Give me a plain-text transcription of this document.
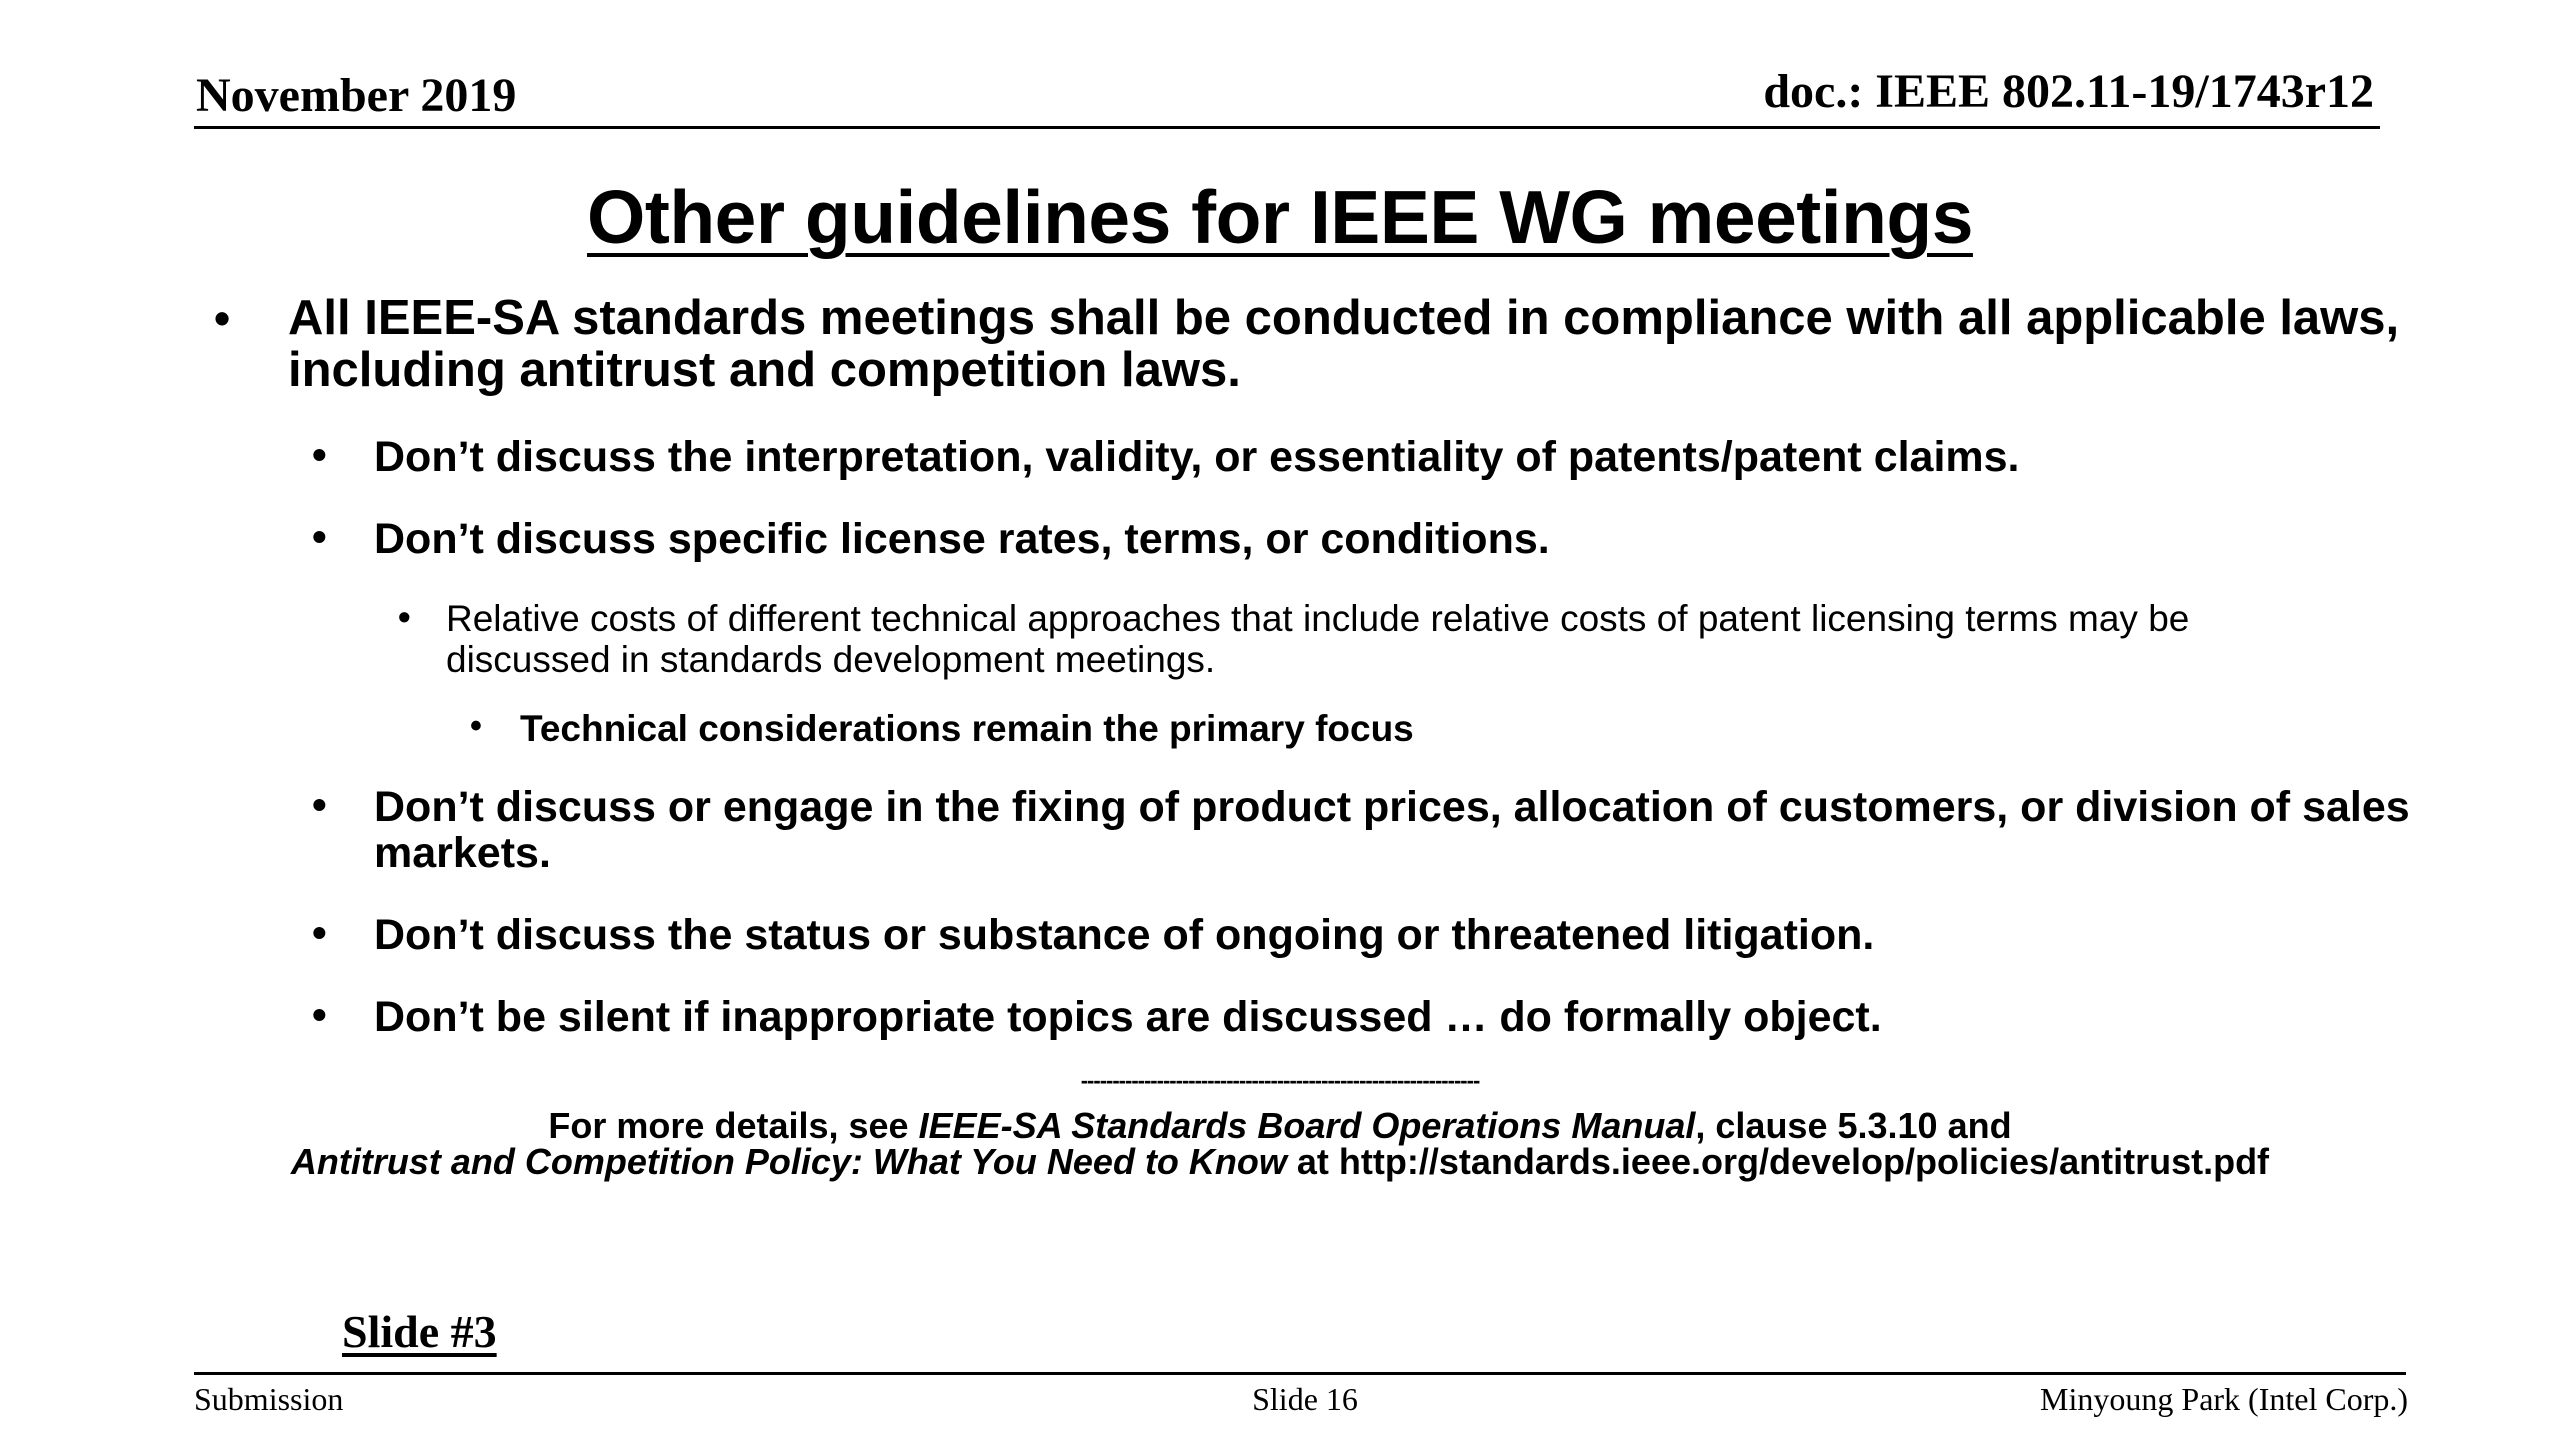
November 2019	doc.: IEEE 802.11-19/1743r12
Other guidelines for IEEE WG meetings
• All IEEE-SA standards meetings shall be conducted in compliance with all applicable laws,
including antitrust and competition laws.
• Don’t discuss the interpretation, validity, or essentiality of patents/patent claims.
• Don’t discuss specific license rates, terms, or conditions.
• Relative costs of different technical approaches that include relative costs of patent licensing terms may be
discussed in standards development meetings.
• Technical considerations remain the primary focus
• Don’t discuss or engage in the fixing of product prices, allocation of customers, or division of sales
markets.
• Don’t discuss the status or substance of ongoing or threatened litigation.
• Don’t be silent if inappropriate topics are discussed … do formally object.
---------------------------------------------------------------
For more details, see IEEE-SA Standards Board Operations Manual, clause 5.3.10 and
Antitrust and Competition Policy: What You Need to Know at http://standards.ieee.org/develop/policies/antitrust.pdf
Slide #3
Submission	Slide 16	Minyoung Park (Intel Corp.)
